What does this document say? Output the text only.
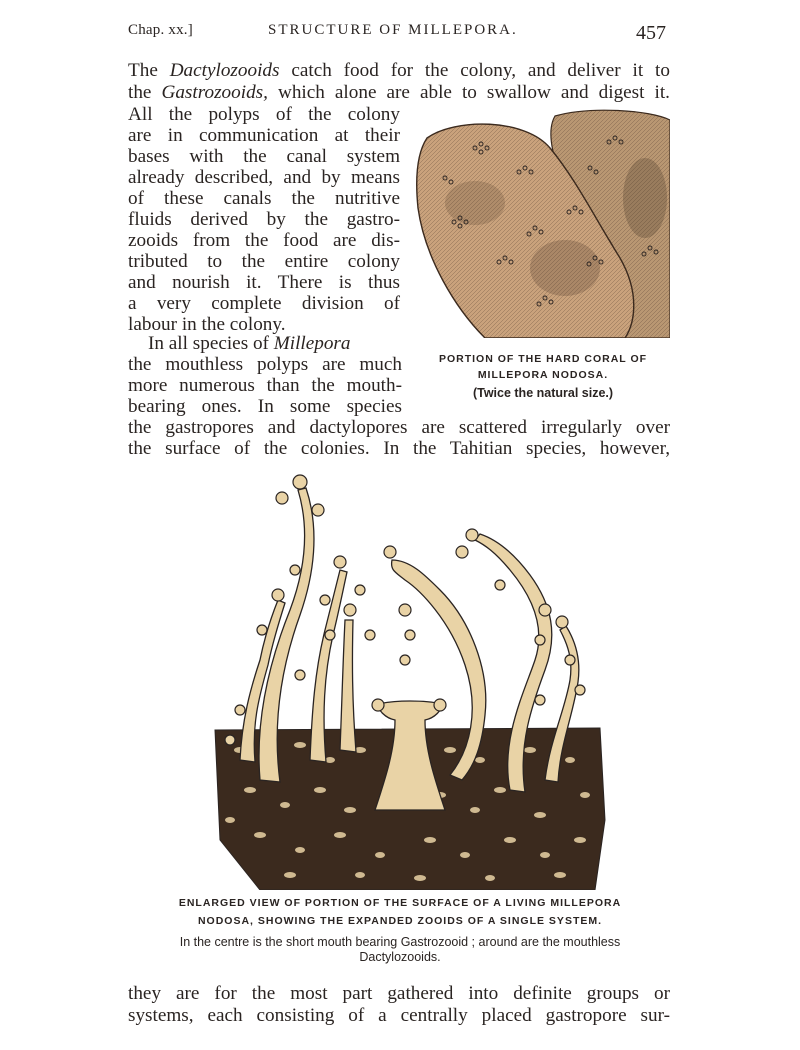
Chap. xx.]	STRUCTURE OF MILLEPORA.	457
The Dactylozooids catch food for the colony, and deliver it to
the Gastrozooids, which alone are able to swallow and digest it.
All the polyps of the colony
are in communication at their
bases with the canal system
already described, and by means
of these canals the nutritive
fluids derived by the gastro-
zooids from the food are dis-
tributed to the entire colony
and nourish it. There is thus
a very complete division of
labour in the colony.
In all species of Millepora
the mouthless polyps are much
more numerous than the mouth-
bearing ones. In some species
the gastropores and dactylopores are scattered irregularly over
the surface of the colonies. In the Tahitian species, however,
PORTION OF THE HARD CORAL OF
MILLEPORA NODOSA.
(Twice the natural size.)
ENLARGED VIEW OF PORTION OF THE SURFACE OF A LIVING MILLEPORA
NODOSA, SHOWING THE EXPANDED ZOOIDS OF A SINGLE SYSTEM.
In the centre is the short mouth bearing Gastrozooid ; around are the mouthless
Dactylozooids.
they are for the most part gathered into definite groups or
systems, each consisting of a centrally placed gastropore sur-
